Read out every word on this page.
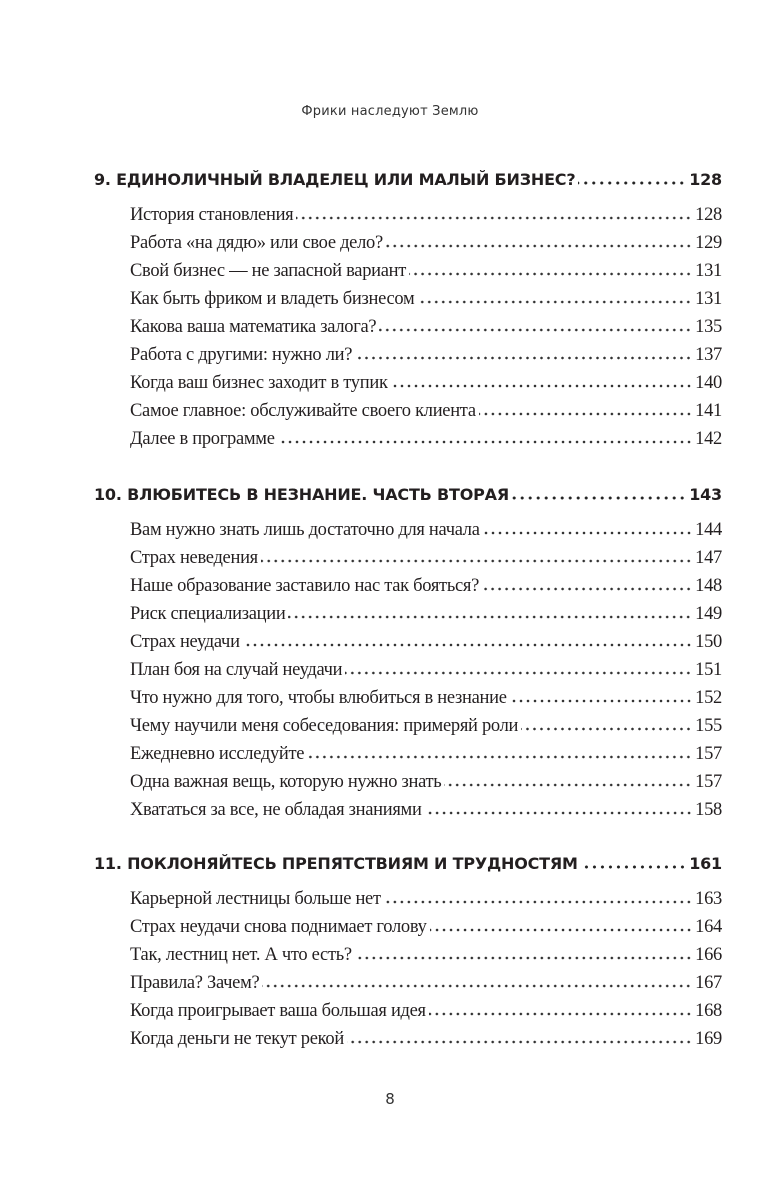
Фрики наследуют Землю
9. ЕДИНОЛИЧНЫЙ ВЛАДЕЛЕЦ ИЛИ МАЛЫЙ БИЗНЕС?	128
История становления	128
Работа «на дядю» или свое дело?	129
Свой бизнес — не запасной вариант	131
Как быть фриком и владеть бизнесом	131
Какова ваша математика залога?	135
Работа с другими: нужно ли?	137
Когда ваш бизнес заходит в тупик	140
Самое главное: обслуживайте своего клиента	141
Далее в программе	142
10. ВЛЮБИТЕСЬ В НЕЗНАНИЕ. ЧАСТЬ ВТОРАЯ	143
Вам нужно знать лишь достаточно для начала	144
Страх неведения	147
Наше образование заставило нас так бояться?	148
Риск специализации	149
Страх неудачи	150
План боя на случай неудачи	151
Что нужно для того, чтобы влюбиться в незнание	152
Чему научили меня собеседования: примеряй роли	155
Ежедневно исследуйте	157
Одна важная вещь, которую нужно знать	157
Хвататься за все, не обладая знаниями	158
11. ПОКЛОНЯЙТЕСЬ ПРЕПЯТСТВИЯМ И ТРУДНОСТЯМ	161
Карьерной лестницы больше нет	163
Страх неудачи снова поднимает голову	164
Так, лестниц нет. А что есть?	166
Правила? Зачем?	167
Когда проигрывает ваша большая идея	168
Когда деньги не текут рекой	169
8
